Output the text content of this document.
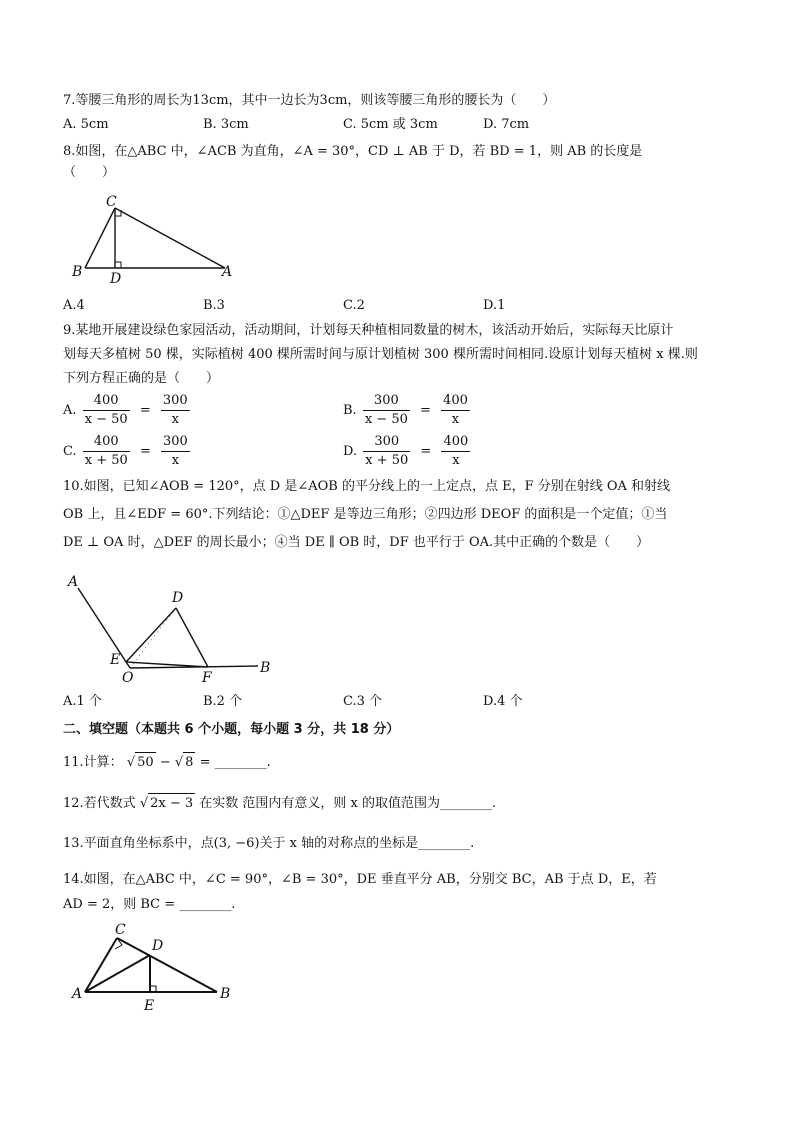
7.等腰三角形的周长为13cm，其中一边长为3cm，则该等腰三角形的腰长为（　　）
A. 5cm	B. 3cm	C. 5cm 或 3cm	D. 7cm
8.如图，在△ABC 中，∠ACB 为直角，∠A = 30°，CD ⊥ AB 于 D，若 BD = 1，则 AB 的长度是
（　　）
C
B D	A
A.4	B.3	C.2	D.1
9.某地开展建设绿色家园活动，活动期间，计划每天种植相同数量的树木，该活动开始后，实际每天比原计
划每天多植树 50 棵，实际植树 400 棵所需时间与原计划植树 300 棵所需时间相同.设原计划每天植树 x 棵.则
下列方程正确的是（　　）
A. $\frac{400}{x - 50} = \frac{300}{x}$	B. $\frac{300}{x - 50} = \frac{400}{x}$
C. $\frac{400}{x + 50} = \frac{300}{x}$	D. $\frac{300}{x + 50} = \frac{400}{x}$
10.如图，已知∠AOB = 120°，点 D 是∠AOB 的平分线上的一上定点，点 E，F 分别在射线 OA 和射线
OB 上，且∠EDF = 60°.下列结论：①△DEF 是等边三角形；②四边形 DEOF 的面积是一个定值；①当
DE ⊥ OA 时，△DEF 的周长最小；④当 DE ∥ OB 时，DF 也平行于 OA.其中正确的个数是（　　）
A
D
E
O	F
B
A.1 个	B.2 个	C.3 个	D.4 个
二、填空题（本题共 6 个小题，每小题 3 分，共 18 分）
11.计算： √ 50 − √ 8 = ________.
12.若代数式 √ 2x − 3 在实数 范围内有意义，则 x 的取值范围为________.
13.平面直角坐标系中，点(3, −6)关于 x 轴的对称点的坐标是________.
14.如图，在△ABC 中，∠C = 90°，∠B = 30°，DE 垂直平分 AB，分别交 BC，AB 于点 D，E，若
AD = 2，则 BC = ________.
C
D
A
E
B
